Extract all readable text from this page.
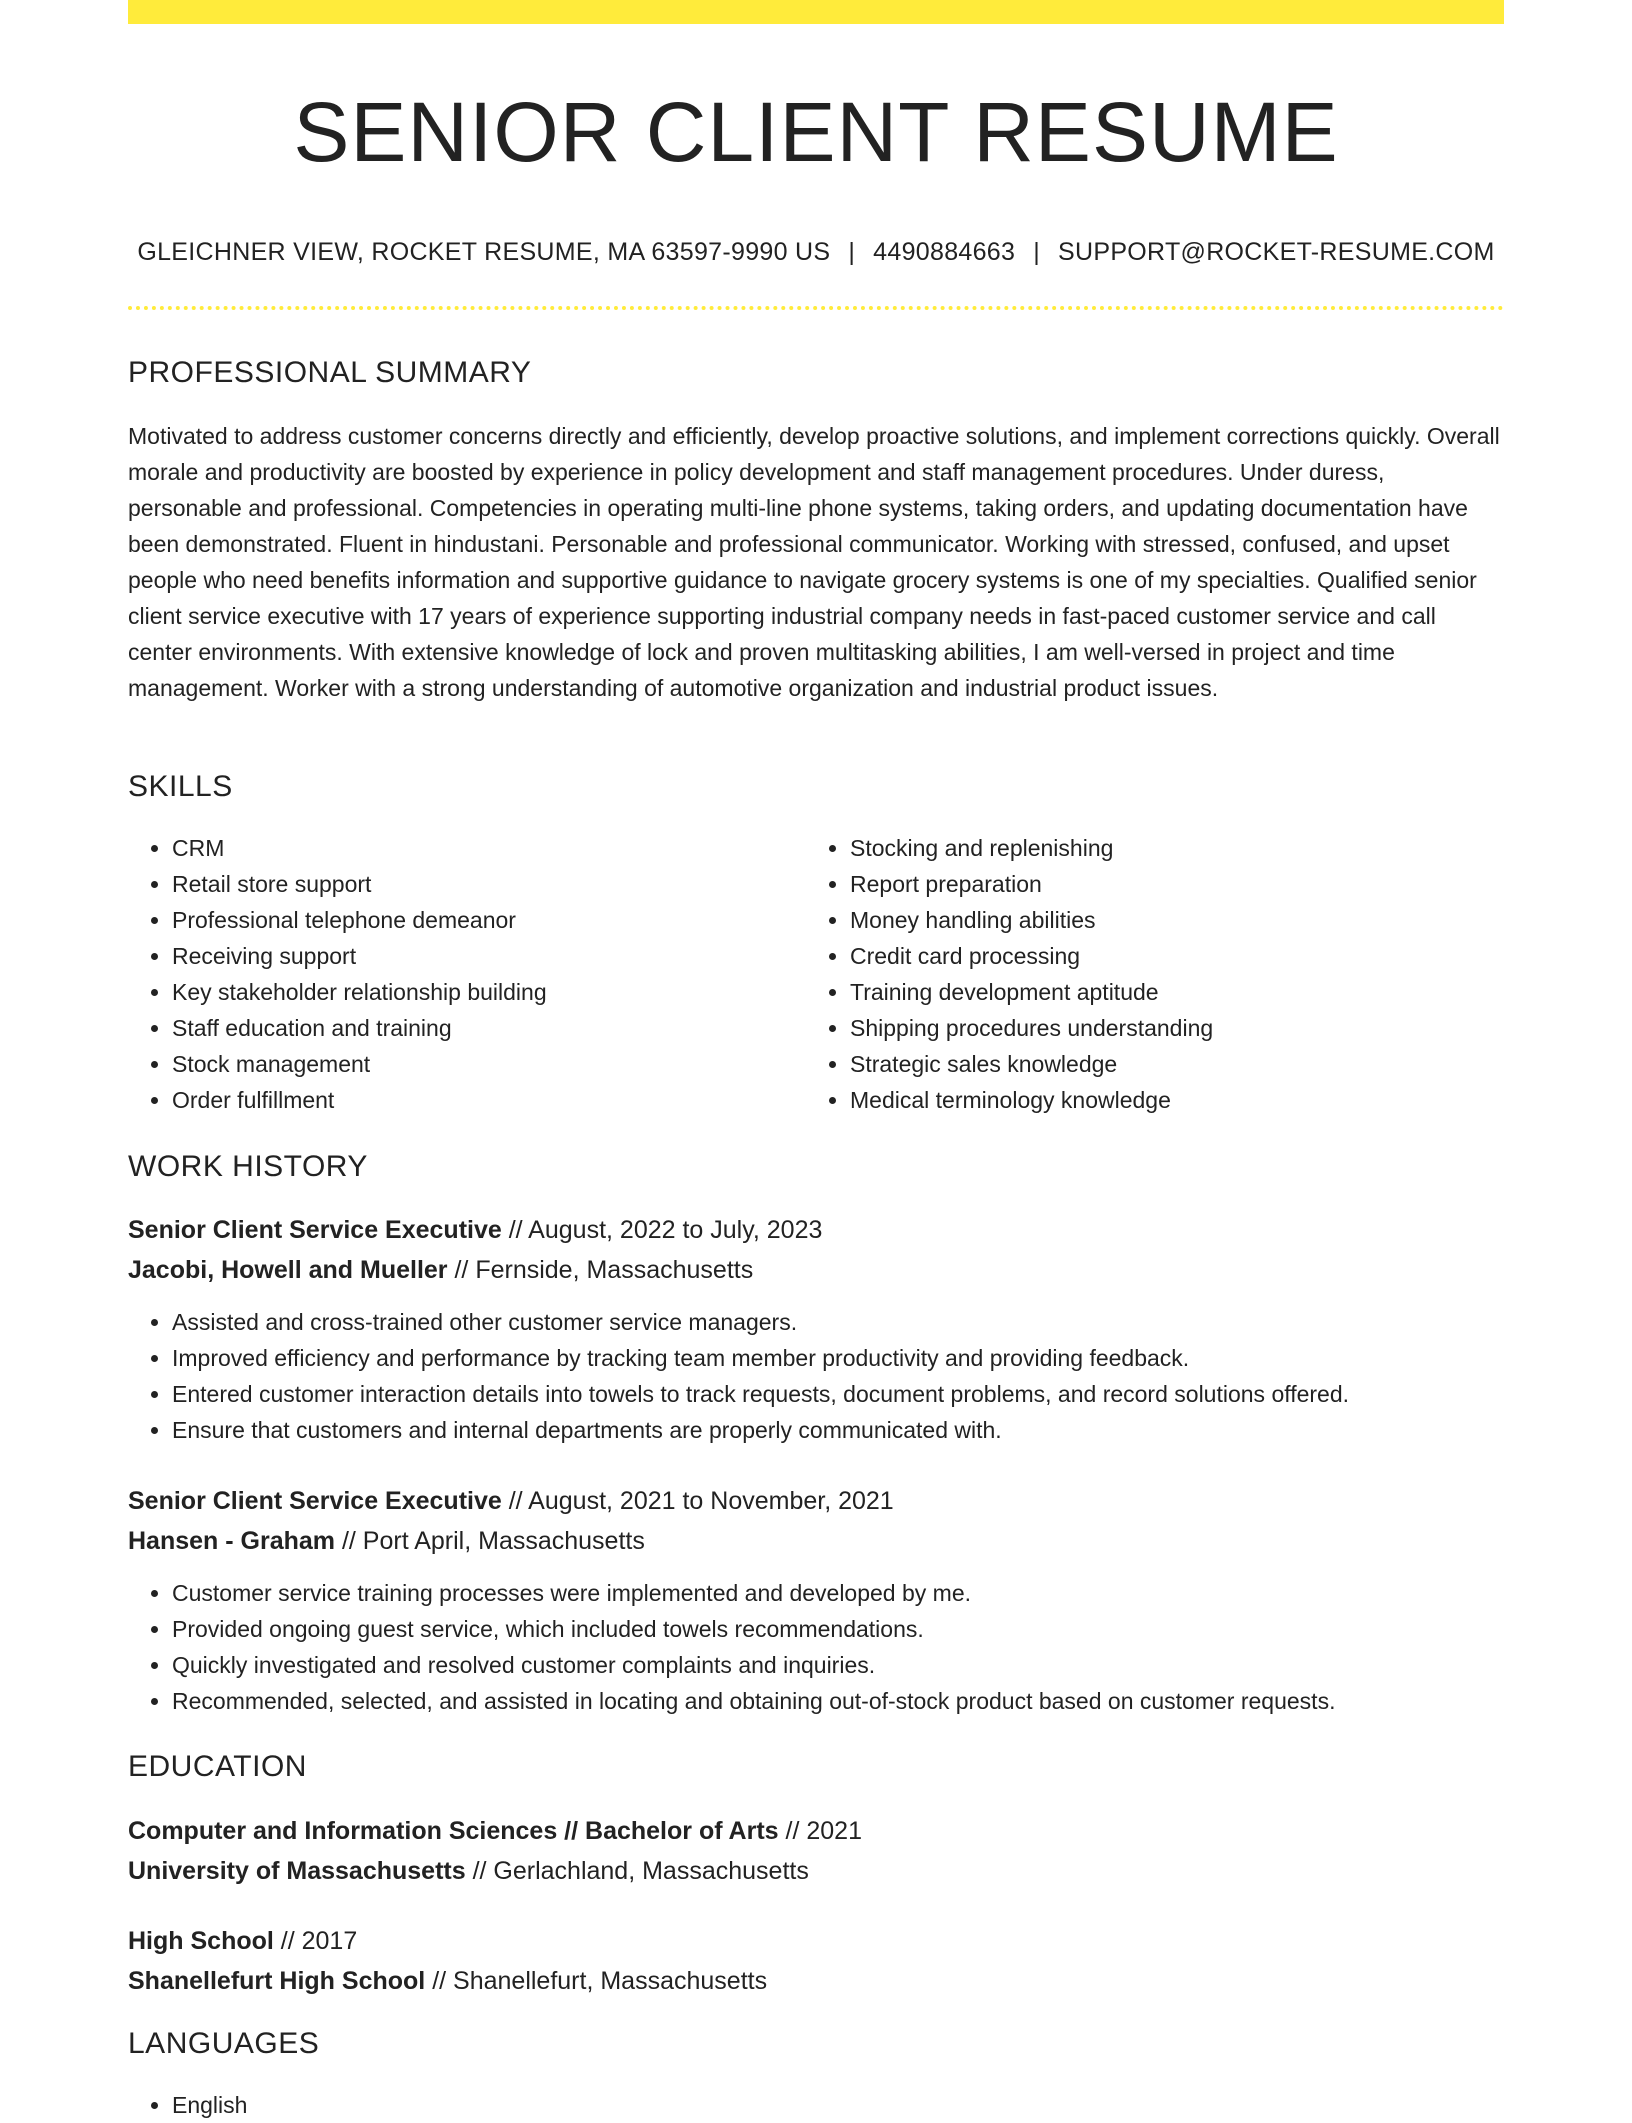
SENIOR CLIENT RESUME
GLEICHNER VIEW, ROCKET RESUME, MA 63597-9990 US | 4490884663 | SUPPORT@ROCKET-RESUME.COM
PROFESSIONAL SUMMARY

Motivated to address customer concerns directly and efficiently, develop proactive solutions, and implement corrections quickly. Overall morale and productivity are boosted by experience in policy development and staff management procedures. Under duress, personable and professional. Competencies in operating multi-line phone systems, taking orders, and updating documentation have been demonstrated. Fluent in hindustani. Personable and professional communicator. Working with stressed, confused, and upset people who need benefits information and supportive guidance to navigate grocery systems is one of my specialties. Qualified senior client service executive with 17 years of experience supporting industrial company needs in fast-paced customer service and call center environments. With extensive knowledge of lock and proven multitasking abilities, I am well-versed in project and time management. Worker with a strong understanding of automotive organization and industrial product issues.

SKILLS
• CRM
• Retail store support
• Professional telephone demeanor
• Receiving support
• Key stakeholder relationship building
• Staff education and training
• Stock management
• Order fulfillment
• Stocking and replenishing
• Report preparation
• Money handling abilities
• Credit card processing
• Training development aptitude
• Shipping procedures understanding
• Strategic sales knowledge
• Medical terminology knowledge
WORK HISTORY
Senior Client Service Executive // August, 2022 to July, 2023
Jacobi, Howell and Mueller // Fernside, Massachusetts
• Assisted and cross-trained other customer service managers.
• Improved efficiency and performance by tracking team member productivity and providing feedback.
• Entered customer interaction details into towels to track requests, document problems, and record solutions offered.
• Ensure that customers and internal departments are properly communicated with.
Senior Client Service Executive // August, 2021 to November, 2021
Hansen - Graham // Port April, Massachusetts
• Customer service training processes were implemented and developed by me.
• Provided ongoing guest service, which included towels recommendations.
• Quickly investigated and resolved customer complaints and inquiries.
• Recommended, selected, and assisted in locating and obtaining out-of-stock product based on customer requests.
EDUCATION
Computer and Information Sciences // Bachelor of Arts // 2021
University of Massachusetts // Gerlachland, Massachusetts
High School // 2017
Shanellefurt High School // Shanellefurt, Massachusetts
LANGUAGES
• English
